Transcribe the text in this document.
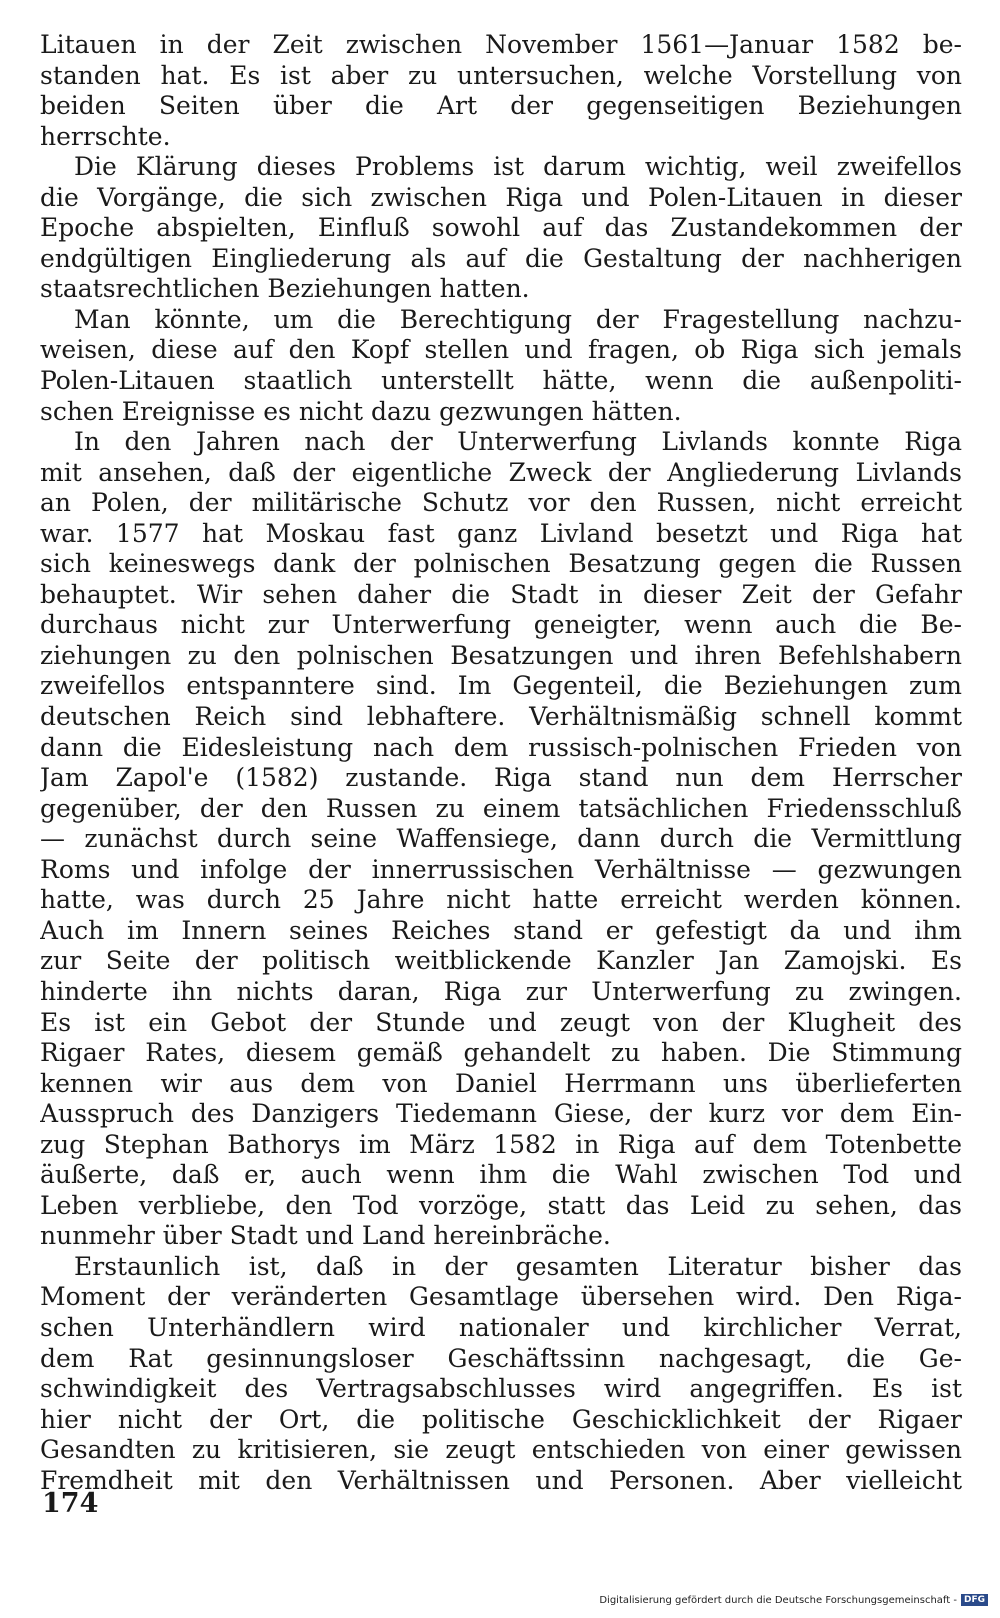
Litauen in der Zeit zwischen November 1561—Januar 1582 be-
standen hat. Es ist aber zu untersuchen, welche Vorstellung von
beiden Seiten über die Art der gegenseitigen Beziehungen
herrschte.
Die Klärung dieses Problems ist darum wichtig, weil zweifellos
die Vorgänge, die sich zwischen Riga und Polen-Litauen in dieser
Epoche abspielten, Einfluß sowohl auf das Zustandekommen der
endgültigen Eingliederung als auf die Gestaltung der nachherigen
staatsrechtlichen Beziehungen hatten.
Man könnte, um die Berechtigung der Fragestellung nachzu-
weisen, diese auf den Kopf stellen und fragen, ob Riga sich jemals
Polen-Litauen staatlich unterstellt hätte, wenn die außenpoliti-
schen Ereignisse es nicht dazu gezwungen hätten.
In den Jahren nach der Unterwerfung Livlands konnte Riga
mit ansehen, daß der eigentliche Zweck der Angliederung Livlands
an Polen, der militärische Schutz vor den Russen, nicht erreicht
war. 1577 hat Moskau fast ganz Livland besetzt und Riga hat
sich keineswegs dank der polnischen Besatzung gegen die Russen
behauptet. Wir sehen daher die Stadt in dieser Zeit der Gefahr
durchaus nicht zur Unterwerfung geneigter, wenn auch die Be-
ziehungen zu den polnischen Besatzungen und ihren Befehlshabern
zweifellos entspanntere sind. Im Gegenteil, die Beziehungen zum
deutschen Reich sind lebhaftere. Verhältnismäßig schnell kommt
dann die Eidesleistung nach dem russisch-polnischen Frieden von
Jam Zapol'e (1582) zustande. Riga stand nun dem Herrscher
gegenüber, der den Russen zu einem tatsächlichen Friedensschluß
— zunächst durch seine Waffensiege, dann durch die Vermittlung
Roms und infolge der innerrussischen Verhältnisse — gezwungen
hatte, was durch 25 Jahre nicht hatte erreicht werden können.
Auch im Innern seines Reiches stand er gefestigt da und ihm
zur Seite der politisch weitblickende Kanzler Jan Zamojski. Es
hinderte ihn nichts daran, Riga zur Unterwerfung zu zwingen.
Es ist ein Gebot der Stunde und zeugt von der Klugheit des
Rigaer Rates, diesem gemäß gehandelt zu haben. Die Stimmung
kennen wir aus dem von Daniel Herrmann uns überlieferten
Ausspruch des Danzigers Tiedemann Giese, der kurz vor dem Ein-
zug Stephan Bathorys im März 1582 in Riga auf dem Totenbette
äußerte, daß er, auch wenn ihm die Wahl zwischen Tod und
Leben verbliebe, den Tod vorzöge, statt das Leid zu sehen, das
nunmehr über Stadt und Land hereinbräche.
Erstaunlich ist, daß in der gesamten Literatur bisher das
Moment der veränderten Gesamtlage übersehen wird. Den Riga-
schen Unterhändlern wird nationaler und kirchlicher Verrat,
dem Rat gesinnungsloser Geschäftssinn nachgesagt, die Ge-
schwindigkeit des Vertragsabschlusses wird angegriffen. Es ist
hier nicht der Ort, die politische Geschicklichkeit der Rigaer
Gesandten zu kritisieren, sie zeugt entschieden von einer gewissen
Fremdheit mit den Verhältnissen und Personen. Aber vielleicht
174
Digitalisierung gefördert durch die Deutsche Forschungsgemeinschaft - DFG
